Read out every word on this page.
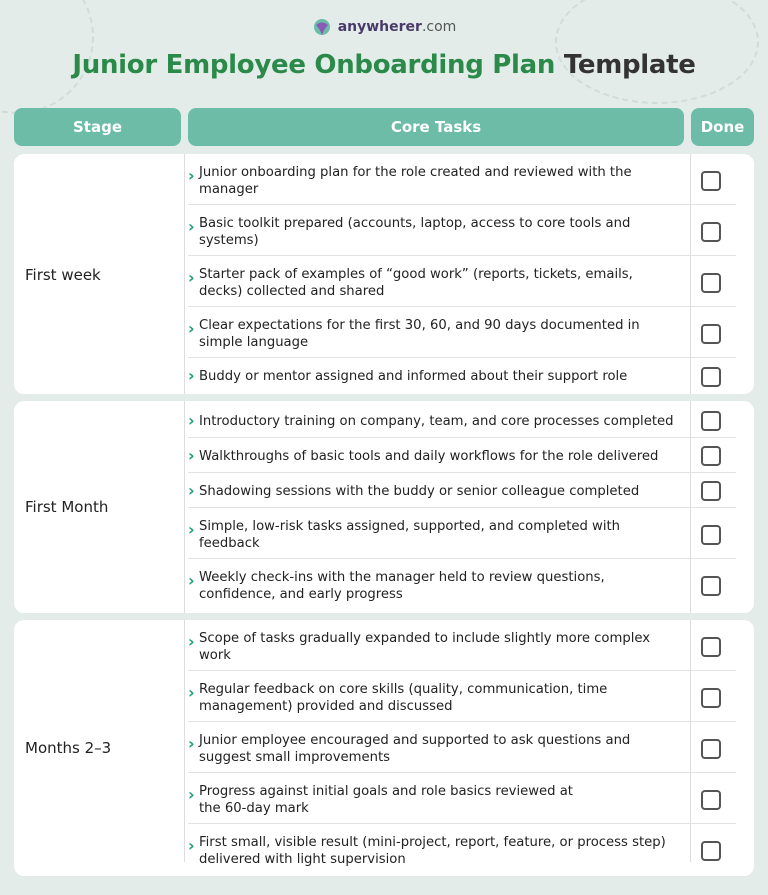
anywherer .com
Junior Employee Onboarding Plan Template
Stage	Core Tasks	Done
First week
› Junior onboarding plan for the role created and reviewed with the manager
› Basic toolkit prepared (accounts, laptop, access to core tools and systems)
› Starter pack of examples of “good work” (reports, tickets, emails, decks) collected and shared
› Clear expectations for the first 30, 60, and 90 days documented in simple language
› Buddy or mentor assigned and informed about their support role
First Month
› Introductory training on company, team, and core processes completed
› Walkthroughs of basic tools and daily workflows for the role delivered
› Shadowing sessions with the buddy or senior colleague completed
› Simple, low-risk tasks assigned, supported, and completed with feedback
› Weekly check-ins with the manager held to review questions, confidence, and early progress
Months 2–3
› Scope of tasks gradually expanded to include slightly more complex work
› Regular feedback on core skills (quality, communication, time management) provided and discussed
› Junior employee encouraged and supported to ask questions and suggest small improvements
› Progress against initial goals and role basics reviewed at the 60-day mark
› First small, visible result (mini-project, report, feature, or process step) delivered with light supervision
